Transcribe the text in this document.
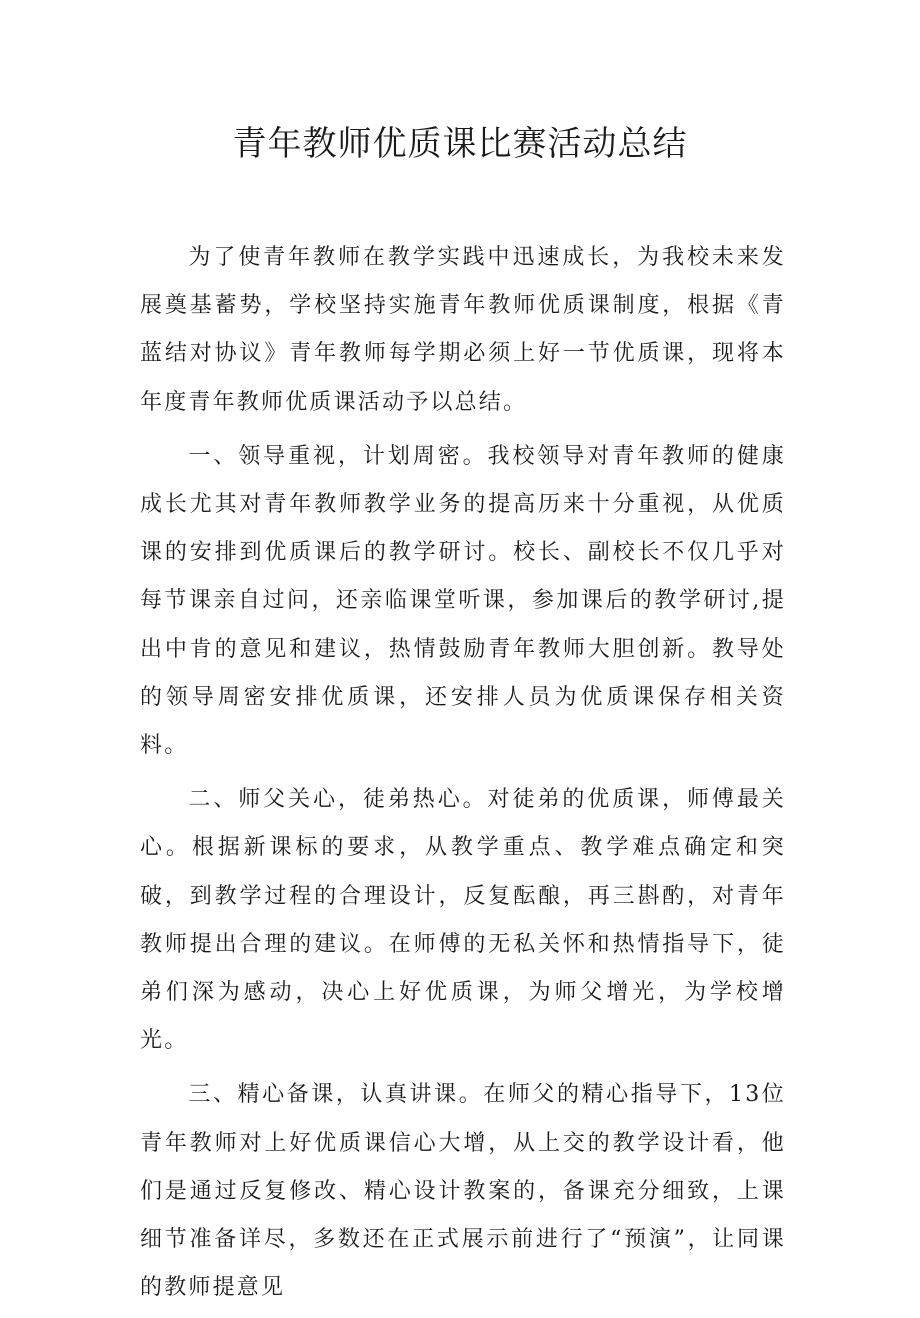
青年教师优质课比赛活动总结

为了使青年教师在教学实践中迅速成长，为我校未来发展奠基蓄势，学校坚持实施青年教师优质课制度，根据《青蓝结对协议》青年教师每学期必须上好一节优质课，现将本年度青年教师优质课活动予以总结。

一、领导重视，计划周密。我校领导对青年教师的健康成长尤其对青年教师教学业务的提高历来十分重视，从优质课的安排到优质课后的教学研讨。校长、副校长不仅几乎对每节课亲自过问，还亲临课堂听课，参加课后的教学研讨,提出中肯的意见和建议，热情鼓励青年教师大胆创新。教导处的领导周密安排优质课，还安排人员为优质课保存相关资料。

二、师父关心，徒弟热心。对徒弟的优质课，师傅最关心。根据新课标的要求，从教学重点、教学难点确定和突破，到教学过程的合理设计，反复酝酿，再三斟酌，对青年教师提出合理的建议。在师傅的无私关怀和热情指导下，徒弟们深为感动，决心上好优质课，为师父增光，为学校增光。

三、精心备课，认真讲课。在师父的精心指导下，13位青年教师对上好优质课信心大增，从上交的教学设计看，他们是通过反复修改、精心设计教案的，备课充分细致，上课细节准备详尽，多数还在正式展示前进行了“预演”，让同课的教师提意见
